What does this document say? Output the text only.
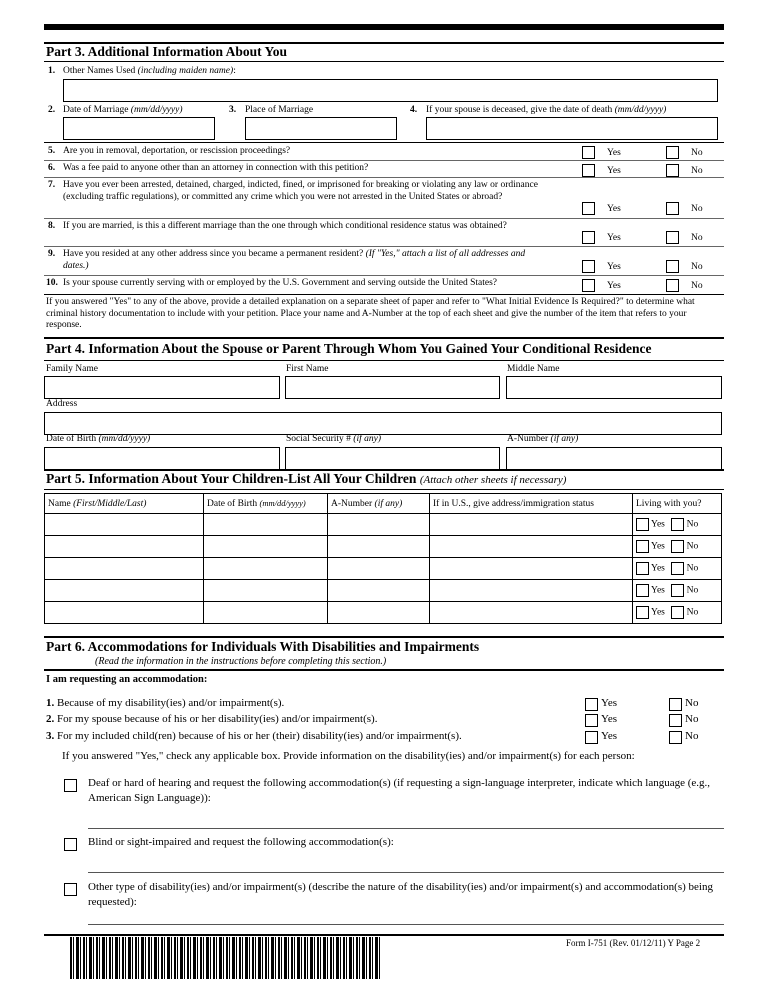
Part 3. Additional Information About You
1. Other Names Used (including maiden name):
2. Date of Marriage (mm/dd/yyyy)	3. Place of Marriage	4. If your spouse is deceased, give the date of death (mm/dd/yyyy)
5. Are you in removal, deportation, or rescission proceedings?	Yes	No
6. Was a fee paid to anyone other than an attorney in connection with this petition?	Yes	No
7. Have you ever been arrested, detained, charged, indicted, fined, or imprisoned for breaking or violating any law or ordinance (excluding traffic regulations), or committed any crime which you were not arrested in the United States or abroad?
Yes	No
8. If you are married, is this a different marriage than the one through which conditional residence status was obtained?
Yes	No
9. Have you resided at any other address since you became a permanent resident? (If "Yes," attach a list of all addresses and dates.)	Yes	No
10. Is your spouse currently serving with or employed by the U.S. Government and serving outside the United States?	Yes	No
If you answered "Yes" to any of the above, provide a detailed explanation on a separate sheet of paper and refer to "What Initial Evidence Is Required?" to determine what criminal history documentation to include with your petition. Place your name and A-Number at the top of each sheet and give the number of the item that refers to your response.
Part 4. Information About the Spouse or Parent Through Whom You Gained Your Conditional Residence
Family Name	First Name	Middle Name
Address
Date of Birth (mm/dd/yyyy)	Social Security # (if any)	A-Number (if any)
Part 5. Information About Your Children-List All Your Children (Attach other sheets if necessary)
Name (First/Middle/Last)	Date of Birth (mm/dd/yyyy)	A-Number (if any)	If in U.S., give address/immigration status	Living with you?
				Yes No
				Yes No
				Yes No
				Yes No
				Yes No
Part 6. Accommodations for Individuals With Disabilities and Impairments
(Read the information in the instructions before completing this section.)
I am requesting an accommodation:
1. Because of my disability(ies) and/or impairment(s).	Yes	No
2. For my spouse because of his or her disability(ies) and/or impairment(s).	Yes	No
3. For my included child(ren) because of his or her (their) disability(ies) and/or impairment(s).	Yes	No
If you answered "Yes," check any applicable box. Provide information on the disability(ies) and/or impairment(s) for each person:
Deaf or hard of hearing and request the following accommodation(s) (if requesting a sign-language interpreter, indicate which language (e.g., American Sign Language)):
Blind or sight-impaired and request the following accommodation(s):
Other type of disability(ies) and/or impairment(s) (describe the nature of the disability(ies) and/or impairment(s) and accommodation(s) being requested):
Form I-751 (Rev. 01/12/11) Y Page 2
